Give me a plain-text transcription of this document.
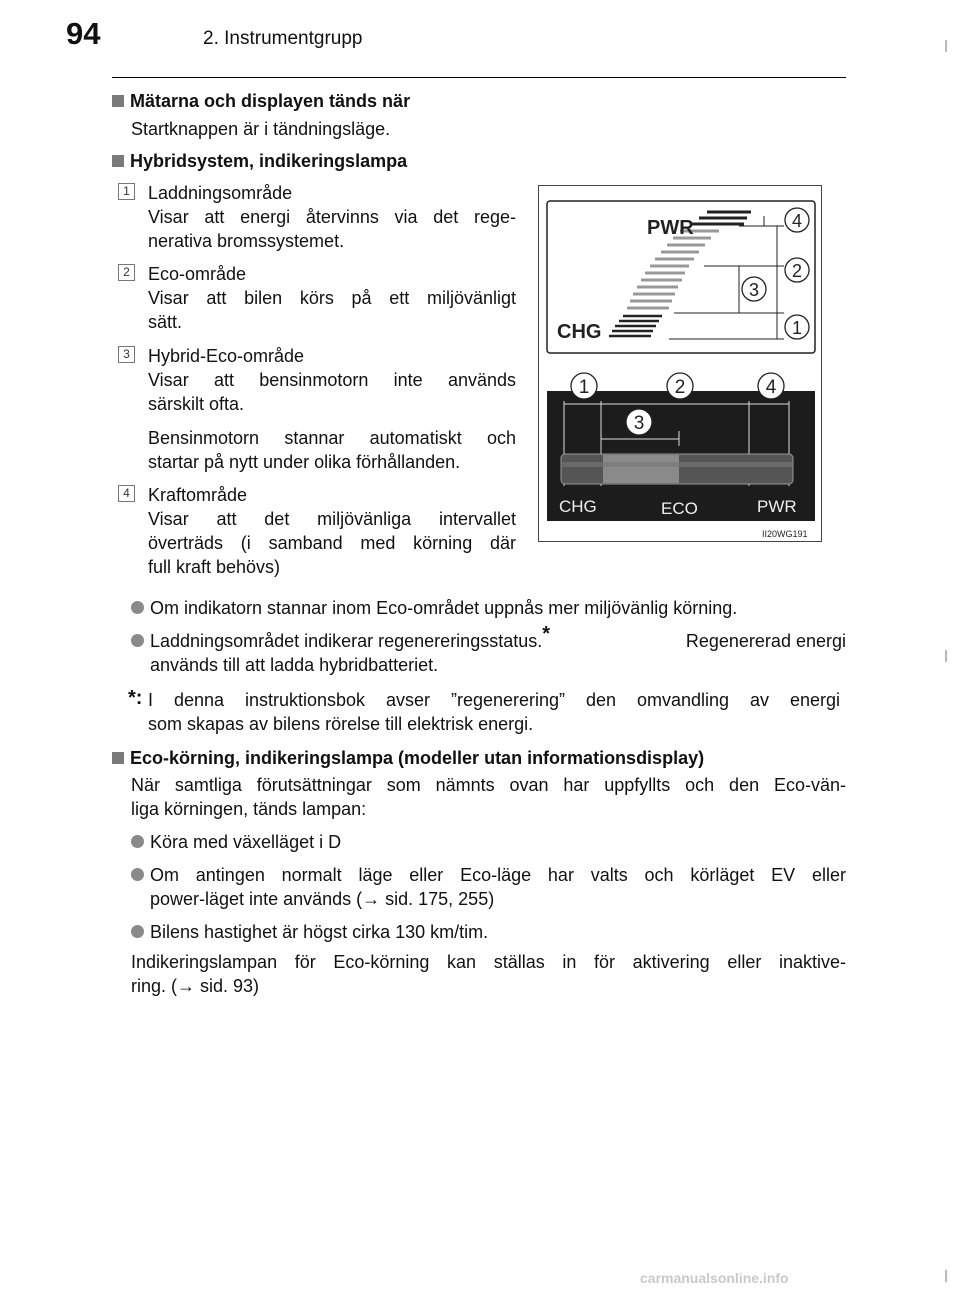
94	2. Instrumentgrupp
Mätarna och displayen tänds när
Startknappen är i tändningsläge.
Hybridsystem, indikeringslampa
1 Laddningsområde
Visar att energi återvinns via det rege-
nerativa bromssystemet.
2 Eco-område
Visar att bilen körs på ett miljövänligt
sätt.
3 Hybrid-Eco-område
Visar att bensinmotorn inte används
särskilt ofta.
Bensinmotorn stannar automatiskt och
startar på nytt under olika förhållanden.
4 Kraftområde
Visar att det miljövänliga intervallet
överträds (i samband med körning där
full kraft behövs)
PWR
CHG
4
2
3
1
1	2	4
3
CHG	ECO	PWR
II20WG191
Om indikatorn stannar inom Eco-området uppnås mer miljövänlig körning.
Laddningsområdet indikerar regenereringsstatus.*	Regenererad energi
används till att ladda hybridbatteriet.
*: I denna instruktionsbok avser ”regenerering” den omvandling av energi
som skapas av bilens rörelse till elektrisk energi.
Eco-körning, indikeringslampa (modeller utan informationsdisplay)
När samtliga förutsättningar som nämnts ovan har uppfyllts och den Eco-vän-
liga körningen, tänds lampan:
Köra med växelläget i D
Om antingen normalt läge eller Eco-läge har valts och körläget EV eller
power-läget inte används (→ sid. 175, 255)
Bilens hastighet är högst cirka 130 km/tim.
Indikeringslampan för Eco-körning kan ställas in för aktivering eller inaktive-
ring. (→ sid. 93)
carmanualsonline.info
